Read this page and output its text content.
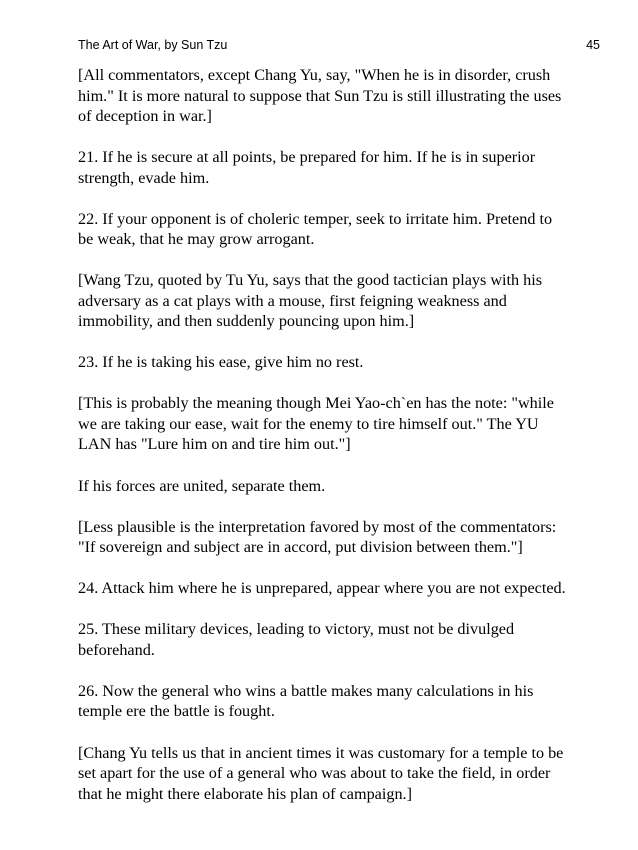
The Art of War, by Sun Tzu	45

[All commentators, except Chang Yu, say, "When he is in disorder, crush
him." It is more natural to suppose that Sun Tzu is still illustrating the uses
of deception in war.]

21. If he is secure at all points, be prepared for him. If he is in superior
strength, evade him.

22. If your opponent is of choleric temper, seek to irritate him. Pretend to
be weak, that he may grow arrogant.

[Wang Tzu, quoted by Tu Yu, says that the good tactician plays with his
adversary as a cat plays with a mouse, first feigning weakness and
immobility, and then suddenly pouncing upon him.]

23. If he is taking his ease, give him no rest.

[This is probably the meaning though Mei Yao-ch`en has the note: "while
we are taking our ease, wait for the enemy to tire himself out." The YU
LAN has "Lure him on and tire him out."]

If his forces are united, separate them.

[Less plausible is the interpretation favored by most of the commentators:
"If sovereign and subject are in accord, put division between them."]

24. Attack him where he is unprepared, appear where you are not expected.

25. These military devices, leading to victory, must not be divulged
beforehand.

26. Now the general who wins a battle makes many calculations in his
temple ere the battle is fought.

[Chang Yu tells us that in ancient times it was customary for a temple to be
set apart for the use of a general who was about to take the field, in order
that he might there elaborate his plan of campaign.]
